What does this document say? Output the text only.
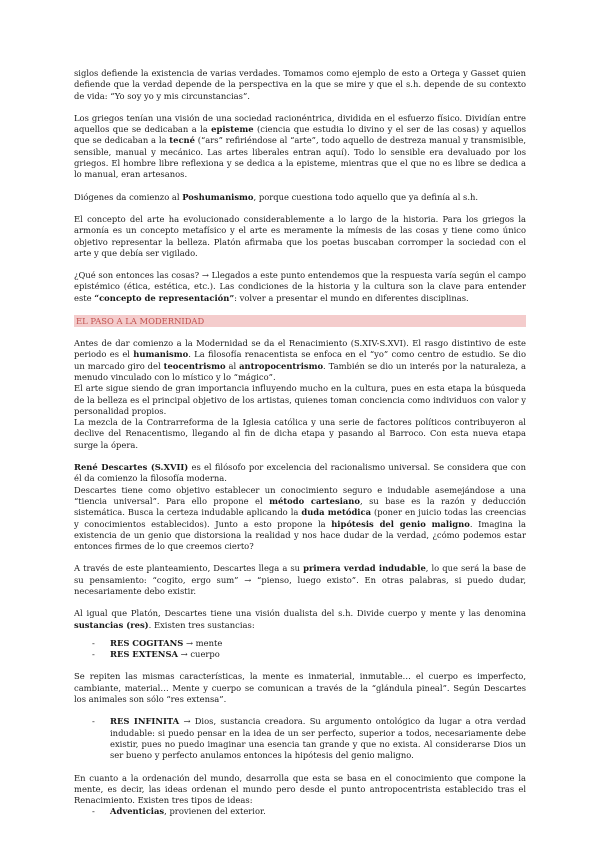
siglos defiende la existencia de varias verdades. Tomamos como ejemplo de esto a Ortega y Gasset quien defiende que la verdad depende de la perspectiva en la que se mire y que el s.h. depende de su contexto de vida: “Yo soy yo y mis circunstancias”.

Los griegos tenían una visión de una sociedad racionéntrica, dividida en el esfuerzo físico. Dividían entre aquellos que se dedicaban a la episteme (ciencia que estudia lo divino y el ser de las cosas) y aquellos que se dedicaban a la tecné (“ars” refiriéndose al “arte”, todo aquello de destreza manual y transmisible, sensible, manual y mecánico. Las artes liberales entran aquí). Todo lo sensible era devaluado por los griegos. El hombre libre reflexiona y se dedica a la episteme, mientras que el que no es libre se dedica a lo manual, eran artesanos.

Diógenes da comienzo al Poshumanismo, porque cuestiona todo aquello que ya definía al s.h.

El concepto del arte ha evolucionado considerablemente a lo largo de la historia. Para los griegos la armonía es un concepto metafísico y el arte es meramente la mímesis de las cosas y tiene como único objetivo representar la belleza. Platón afirmaba que los poetas buscaban corromper la sociedad con el arte y que debía ser vigilado.

¿Qué son entonces las cosas? → Llegados a este punto entendemos que la respuesta varía según el campo epistémico (ética, estética, etc.). Las condiciones de la historia y la cultura son la clave para entender este “concepto de representación”: volver a presentar el mundo en diferentes disciplinas.

EL PASO A LA MODERNIDAD

Antes de dar comienzo a la Modernidad se da el Renacimiento (S.XIV-S.XVI). El rasgo distintivo de este periodo es el humanismo. La filosofía renacentista se enfoca en el “yo” como centro de estudio. Se dio un marcado giro del teocentrismo al antropocentrismo. También se dio un interés por la naturaleza, a menudo vinculado con lo místico y lo “mágico”.

El arte sigue siendo de gran importancia influyendo mucho en la cultura, pues en esta etapa la búsqueda de la belleza es el principal objetivo de los artistas, quienes toman conciencia como individuos con valor y personalidad propios.

La mezcla de la Contrarreforma de la Iglesia católica y una serie de factores políticos contribuyeron al declive del Renacentismo, llegando al fin de dicha etapa y pasando al Barroco. Con esta nueva etapa surge la ópera.

René Descartes (S.XVII) es el filósofo por excelencia del racionalismo universal. Se considera que con él da comienzo la filosofía moderna.

Descartes tiene como objetivo establecer un conocimiento seguro e indudable asemejándose a una “tiencia universal”. Para ello propone el método cartesiano, su base es la razón y deducción sistemática. Busca la certeza indudable aplicando la duda metódica (poner en juicio todas las creencias y conocimientos establecidos). Junto a esto propone la hipótesis del genio maligno. Imagina la existencia de un genio que distorsiona la realidad y nos hace dudar de la verdad, ¿cómo podemos estar entonces firmes de lo que creemos cierto?

A través de este planteamiento, Descartes llega a su primera verdad indudable, lo que será la base de su pensamiento: “cogito, ergo sum” → “pienso, luego existo”. En otras palabras, si puedo dudar, necesariamente debo existir.

Al igual que Platón, Descartes tiene una visión dualista del s.h. Divide cuerpo y mente y las denomina sustancias (res). Existen tres sustancias:

- RES COGITANS → mente
- RES EXTENSA → cuerpo

Se repiten las mismas características, la mente es inmaterial, inmutable… el cuerpo es imperfecto, cambiante, material… Mente y cuerpo se comunican a través de la “glándula pineal”. Según Descartes los animales son sólo “res extensa”.

- RES INFINITA → Dios, sustancia creadora. Su argumento ontológico da lugar a otra verdad indudable: si puedo pensar en la idea de un ser perfecto, superior a todos, necesariamente debe existir, pues no puedo imaginar una esencia tan grande y que no exista. Al considerarse Dios un ser bueno y perfecto anulamos entonces la hipótesis del genio maligno.

En cuanto a la ordenación del mundo, desarrolla que esta se basa en el conocimiento que compone la mente, es decir, las ideas ordenan el mundo pero desde el punto antropocentrista establecido tras el Renacimiento. Existen tres tipos de ideas:

- Adventicias, provienen del exterior.
